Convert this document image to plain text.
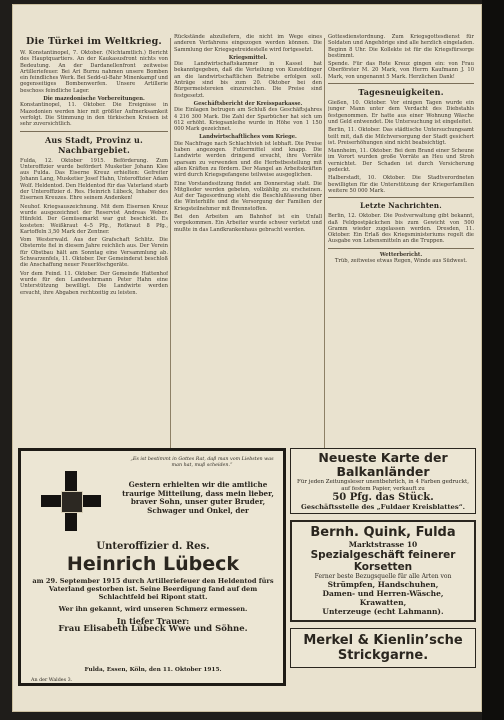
Die Türkei im Weltkrieg.

W. Konstantinopel, 7. Oktober. (Nichtamtlich.) Bericht des Hauptquartiers. An der Kaukasusfront nichts von Bedeutung. An der Dardanellenfront zeitweise Artilleriefeuer. Bei Ari Burnu nahmen unsere Bomben ein feindliches Werk. Bei Sedd-ul-Bahr Minenkampf und gegenseitiges Bombenwerfen. Unsere Artillerie beschoss feindliche Lager.

Die mazedonische Vorbereitungen.

Konstantinopel, 11. Oktober. Die Ereignisse in Mazedonien werden hier mit größter Aufmerksamkeit verfolgt. Die Stimmung in den türkischen Kreisen ist sehr zuversichtlich.

Aus Stadt, Provinz u. Nachbargebiet.

Fulda, 12. Oktober 1915. Beförderung. Zum Unteroffizier wurde befördert Musketier Johann Klee aus Fulda. Das Eiserne Kreuz erhielten: Gefreiter Johann Lang, Musketier Josef Hahn, Unteroffizier Adam Wolf. Heldentod. Den Heldentod für das Vaterland starb der Unteroffizier d. Res. Heinrich Lübeck, Inhaber des Eisernen Kreuzes. Ehre seinem Andenken!

Neuhof. Kriegsauszeichnung. Mit dem Eisernen Kreuz wurde ausgezeichnet der Reservist Andreas Weber. Hünfeld. Der Gemüsemarkt war gut beschickt. Es kosteten: Weißkraut 4–5 Pfg., Rotkraut 8 Pfg., Kartoffeln 3,50 Mark der Zentner.

Vom Westerwald. Aus der Grafschaft Schlitz. Die Obsternte fiel in diesem Jahre reichlich aus. Der Verein für Obstbau hält am Sonntag eine Versammlung ab. Schwarzenfels, 11. Oktober. Der Gemeinderat beschloß die Anschaffung neuer Feuerlöschgeräte.

Vor dem Feind. 11. Oktober. Der Gemeinde Hattenhof wurde für den Landwehrmann Peter Hahn eine Unterstützung bewilligt. Die Landwirte werden ersucht, ihre Abgaben rechtzeitig zu leisten.

Rückstände abzuliefern, die nicht im Wege eines anderen Verfahrens eingezogen werden können. Die Sammlung der Kriegsgetreidestelle wird fortgesetzt.

Kriegsmittel.

Die Landwirtschaftskammer in Kassel hat bekanntgegeben, daß die Verteilung von Kunstdünger an die landwirtschaftlichen Betriebe erfolgen soll. Anträge sind bis zum 20. Oktober bei den Bürgermeistereien einzureichen. Die Preise sind festgesetzt.

Geschäftsbericht der Kreissparkasse.

Die Einlagen betrugen am Schluß des Geschäftsjahres 4 216 300 Mark. Die Zahl der Sparbücher hat sich um 612 erhöht. Kriegsanleihe wurde in Höhe von 1 150 000 Mark gezeichnet.

Landwirtschaftliches vom Kriege.

Die Nachfrage nach Schlachtvieh ist lebhaft. Die Preise haben angezogen. Futtermittel sind knapp. Die Landwirte werden dringend ersucht, ihre Vorräte sparsam zu verwenden und die Herbstbestellung mit allen Kräften zu fördern. Der Mangel an Arbeitskräften wird durch Kriegsgefangene teilweise ausgeglichen.

Eine Vorstandssitzung findet am Donnerstag statt. Die Mitglieder werden gebeten, vollzählig zu erscheinen. Auf der Tagesordnung steht die Beschlußfassung über die Winterhilfe und die Versorgung der Familien der Kriegsteilnehmer mit Brennstoffen.

Bei den Arbeiten am Bahnhof ist ein Unfall vorgekommen. Ein Arbeiter wurde schwer verletzt und mußte in das Landkrankenhaus gebracht werden.

Gottesdienstordnung. Zum Kriegsgottesdienst für Soldaten und Angehörige sind alle herzlich eingeladen. Beginn 8 Uhr. Die Kollekte ist für die Kriegsfürsorge bestimmt.

Spende. Für das Rote Kreuz gingen ein: von Frau Oberförster M. 20 Mark, von Herrn Kaufmann J. 10 Mark, von ungenannt 5 Mark. Herzlichen Dank!

Tagesneuigkeiten.

Gießen, 10. Oktober. Vor einigen Tagen wurde ein junger Mann unter dem Verdacht des Diebstahls festgenommen. Er hatte aus einer Wohnung Wäsche und Geld entwendet. Die Untersuchung ist eingeleitet.

Berlin, 11. Oktober. Das städtische Untersuchungsamt teilt mit, daß die Milchversorgung der Stadt gesichert ist. Preiserhöhungen sind nicht beabsichtigt.

Mannheim, 11. Oktober. Bei dem Brand einer Scheune im Vorort wurden große Vorräte an Heu und Stroh vernichtet. Der Schaden ist durch Versicherung gedeckt.

Halberstadt, 10. Oktober. Die Stadtverordneten bewilligten für die Unterstützung der Kriegerfamilien weitere 50 000 Mark.

Letzte Nachrichten.

Berlin, 12. Oktober. Die Postverwaltung gibt bekannt, daß Feldpostpäckchen bis zum Gewicht von 500 Gramm wieder zugelassen werden. Dresden, 11. Oktober. Ein Erlaß des Kriegsministeriums regelt die Ausgabe von Lebensmitteln an die Truppen.

Wetterbericht.

Trüb, zeitweise etwas Regen, Winde aus Südwest.

„Es ist bestimmt in Gottes Rat, daß man vom Liebsten was man hat, muß scheiden.“
Gestern erhielten wir die amtliche traurige Mitteilung, dass mein lieber, braver Sohn, unser guter Bruder, Schwager und Onkel, der
Unteroffizier d. Res.
Heinrich Lübeck
am 29. September 1915 durch Artilleriefeuer den Heldentod fürs Vaterland gestorben ist. Seine Beerdigung fand auf dem Schlachtfeld bei Ripont statt.
Wer ihn gekannt, wird unseren Schmerz ermessen.
In tiefer Trauer:
Frau Elisabeth Lübeck Wwe und Söhne.
Fulda, Essen, Köln, den 11. Oktober 1915.
An der Waldes 3.
Neueste Karte der Balkanländer
Für jeden Zeitungsleser unentbehrlich, in 4 Farben gedruckt, auf festem Papier, verkauft zu
50 Pfg. das Stück.
Geschäftsstelle des „Fuldaer Kreisblattes“.
Bernh. Quink, Fulda
Marktstrasse 10
Spezialgeschäft feinerer Korsetten
Ferner beste Bezugsquelle für alle Arten von
Strümpfen, Handschuhen,
Damen- und Herren-Wäsche,
Krawatten,
Unterzeuge (echt Lahmann).
Merkel & Kienlin’sche
Strickgarne.
